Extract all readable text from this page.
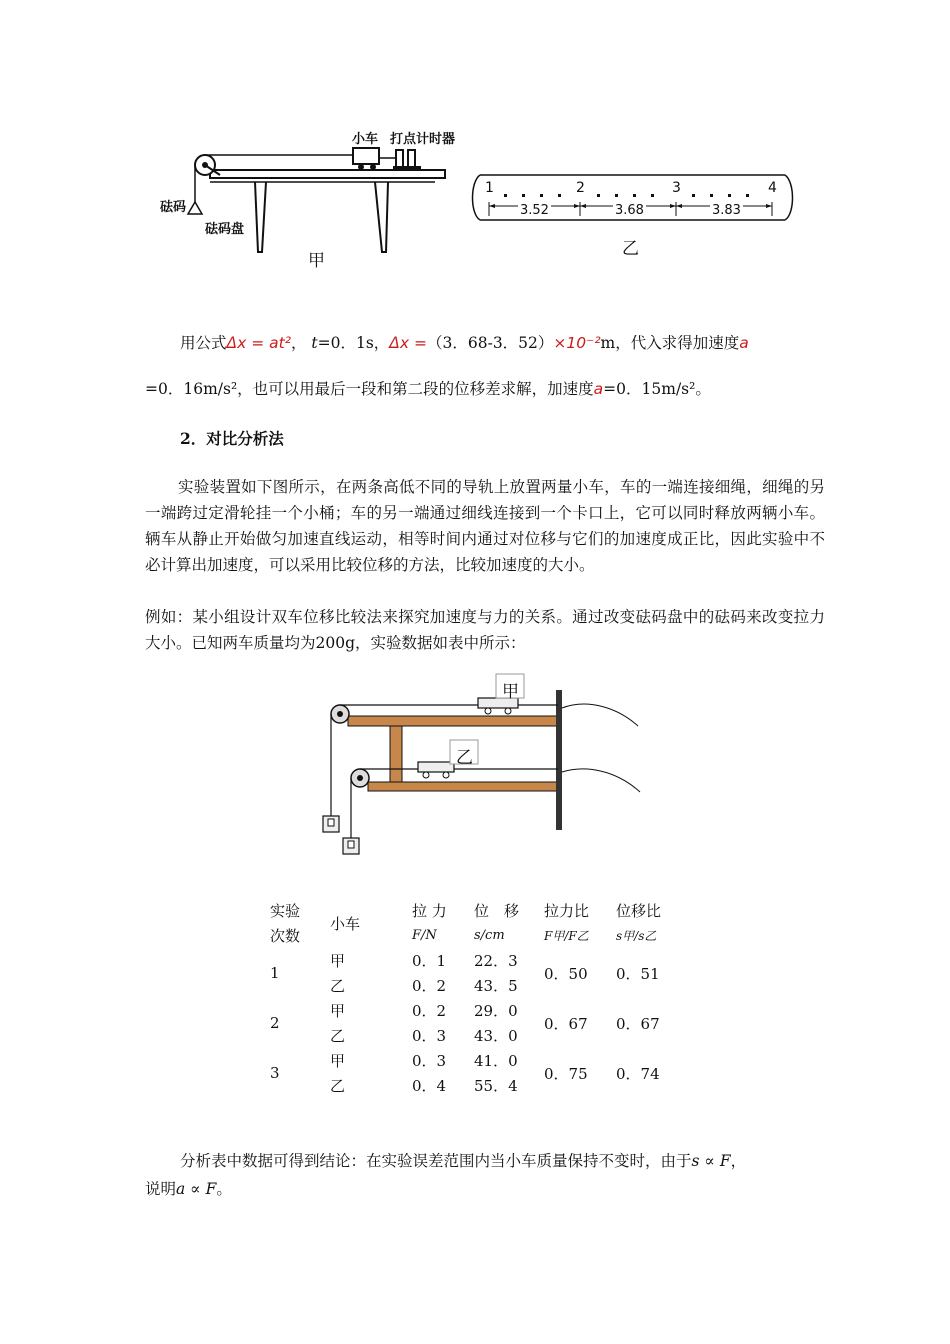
小车 打点计时器
砝码
砝码盘
甲
1	2	3	4
3.52	3.68	3.83
乙
用公式Δx = at²， t=0．1s，Δx =（3．68-3．52）×10⁻²m，代入求得加速度a
=0．16m/s²，也可以用最后一段和第二段的位移差求解，加速度a=0．15m/s²。
2．对比分析法
实验装置如下图所示，在两条高低不同的导轨上放置两量小车，车的一端连接细绳，细绳的另一端跨过定滑轮挂一个小桶；车的另一端通过细线连接到一个卡口上，它可以同时释放两辆小车。辆车从静止开始做匀加速直线运动，相等时间内通过对位移与它们的加速度成正比，因此实验中不必计算出加速度，可以采用比较位移的方法，比较加速度的大小。
例如：某小组设计双车位移比较法来探究加速度与力的关系。通过改变砝码盘中的砝码来改变拉力大小。已知两车质量均为200g，实验数据如表中所示：
甲
乙
实验	小车	拉 力	位　移	拉力比	位移比
次数		F/N	s/cm	F甲/F乙	s甲/s乙
1	甲	0．1	22．3	0．50	0．51
	乙	0．2	43．5		
2	甲	0．2	29．0	0．67	0．67
	乙	0．3	43．0		
3	甲	0．3	41．0	0．75	0．74
	乙	0．4	55．4		
分析表中数据可得到结论：在实验误差范围内当小车质量保持不变时，由于s ∝ F，
说明a ∝ F。
